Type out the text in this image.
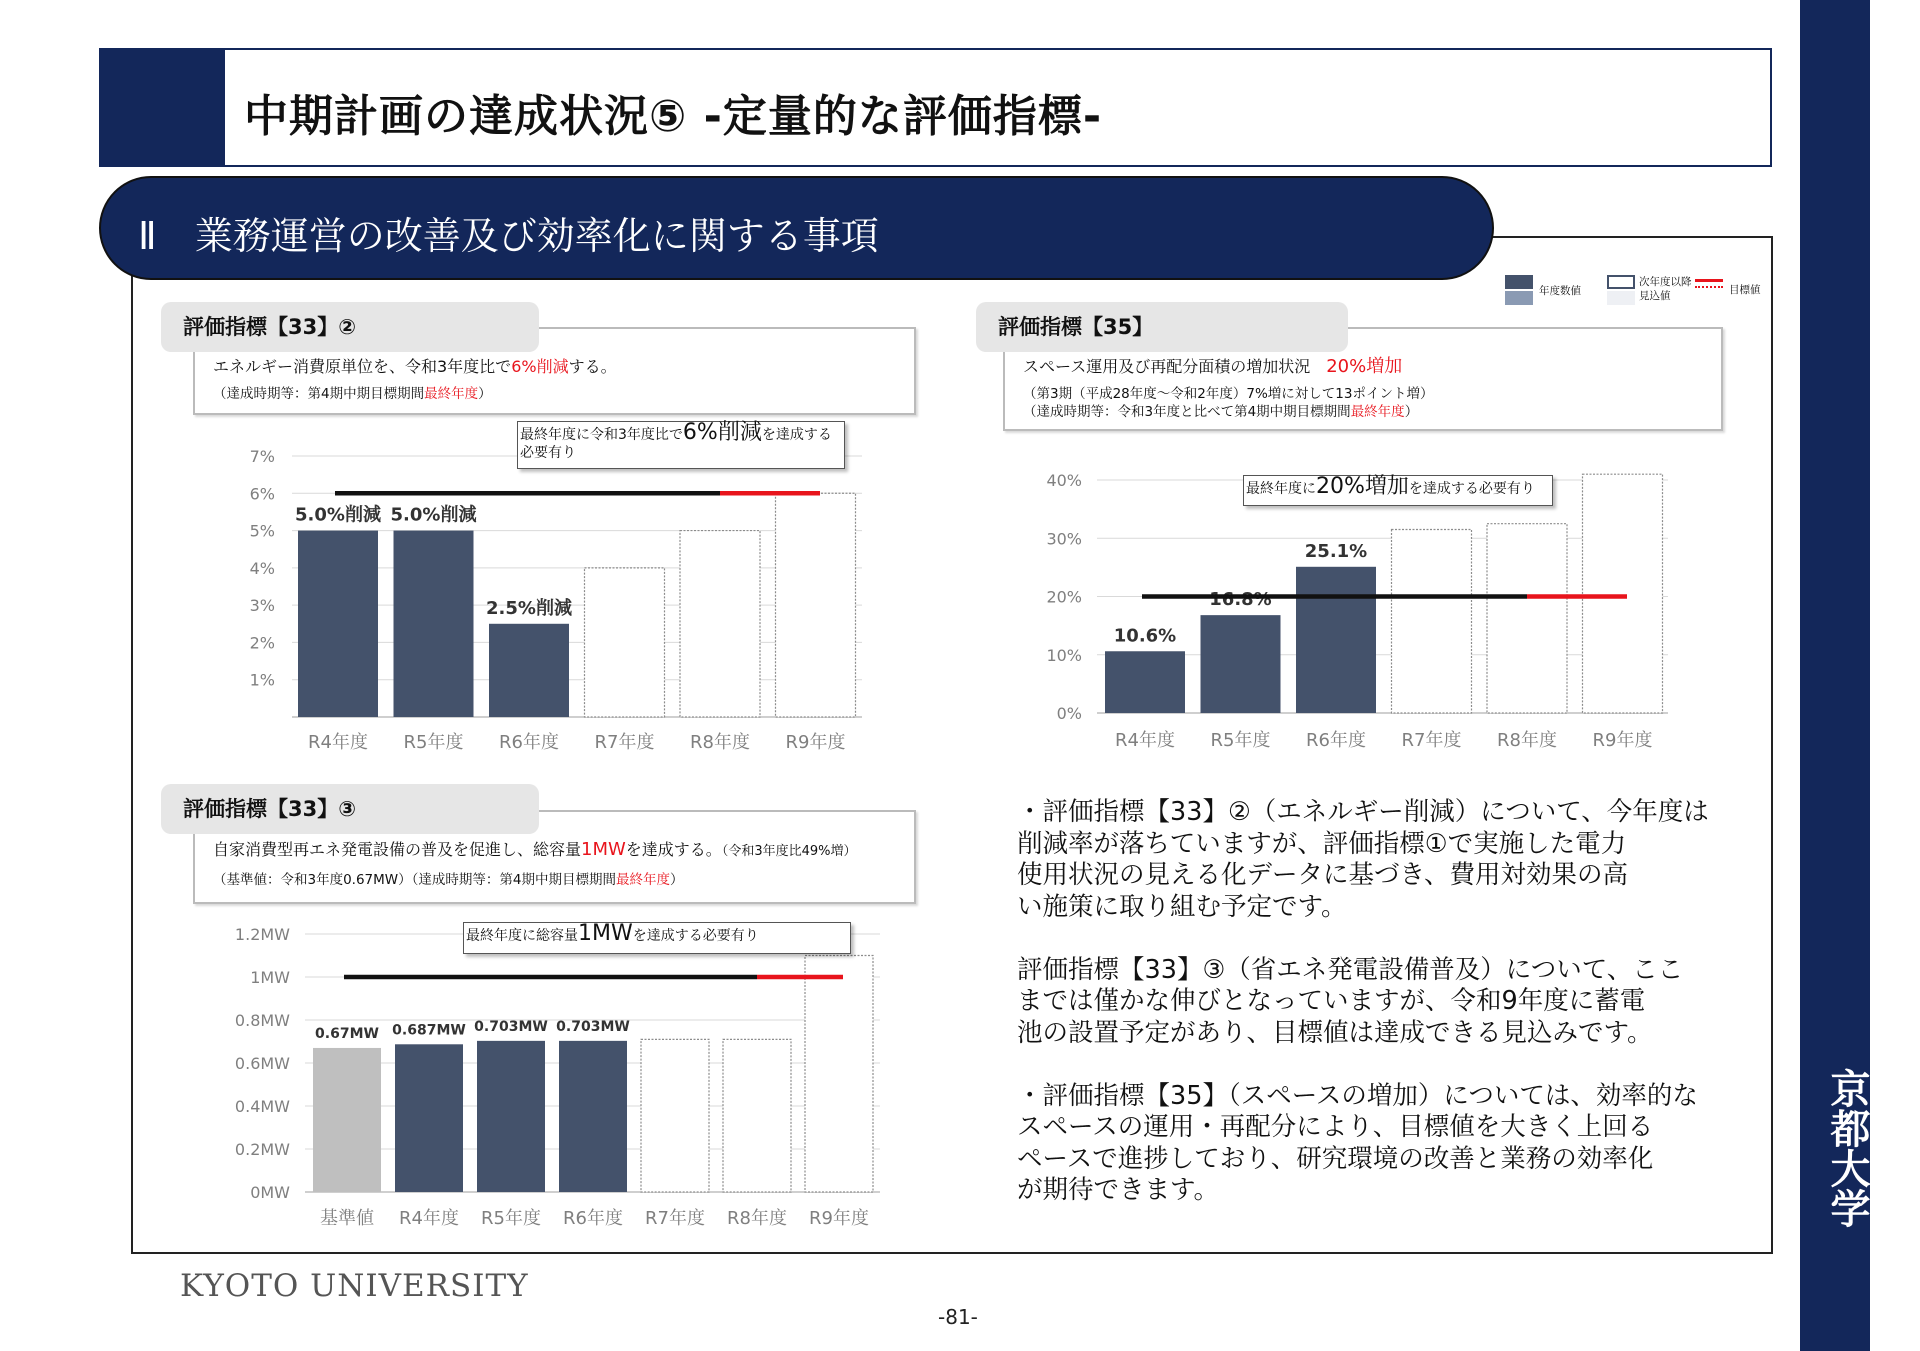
中期計画の達成状況⑤ -定量的な評価指標-
京都大学
Ⅱ　業務運営の改善及び効率化に関する事項
年度数値
次年度以降
見込値	目標値
エネルギー消費原単位を、令和3年度比で6%削減する。
（達成時期等：第4期中期目標期間最終年度）
評価指標【33】②
スペース運用及び再配分面積の増加状況　 20%増加
（第3期（平成28年度～令和2年度）7%増に対して13ポイント増）
（達成時期等：令和3年度と比べて第4期中期目標期間最終年度）
評価指標【35】
自家消費型再エネ発電設備の普及を促進し、総容量1MWを達成する。（令和3年度比49%増）
（基準値：令和3年度0.67MW）（達成時期等：第4期中期目標期間最終年度）
評価指標【33】③
1%
2%
3%
4%
5%
6%
7%
5.0%削減
R4年度
5.0%削減
R5年度
2.5%削減
R6年度 R7年度 R8年度 R9年度
0%
10%
20%
30%
40%
10.6%
R4年度
16.8%
R5年度
25.1%
R6年度 R7年度 R8年度 R9年度
0MW
0.2MW
0.4MW
0.6MW
0.8MW
1MW
1.2MW
0.67MW
基準値
0.687MW
R4年度
0.703MW
R5年度
0.703MW
R6年度 R7年度 R8年度 R9年度
最終年度に令和3年度比で6%削減を達成する必要有り
最終年度に20%増加を達成する必要有り
最終年度に総容量1MWを達成する必要有り
・評価指標【33】②（エネルギー削減）について、今年度は
削減率が落ちていますが、評価指標①で実施した電力
使用状況の見える化データに基づき、費用対効果の高
い施策に取り組む予定です。

評価指標【33】③（省エネ発電設備普及）について、ここ
までは僅かな伸びとなっていますが、令和9年度に蓄電
池の設置予定があり、目標値は達成できる見込みです。

・評価指標【35】（スペースの増加）については、効率的な
スペースの運用・再配分により、目標値を大きく上回る
ペースで進捗しており、研究環境の改善と業務の効率化
が期待できます。
KYOTO UNIVERSITY
-81-
